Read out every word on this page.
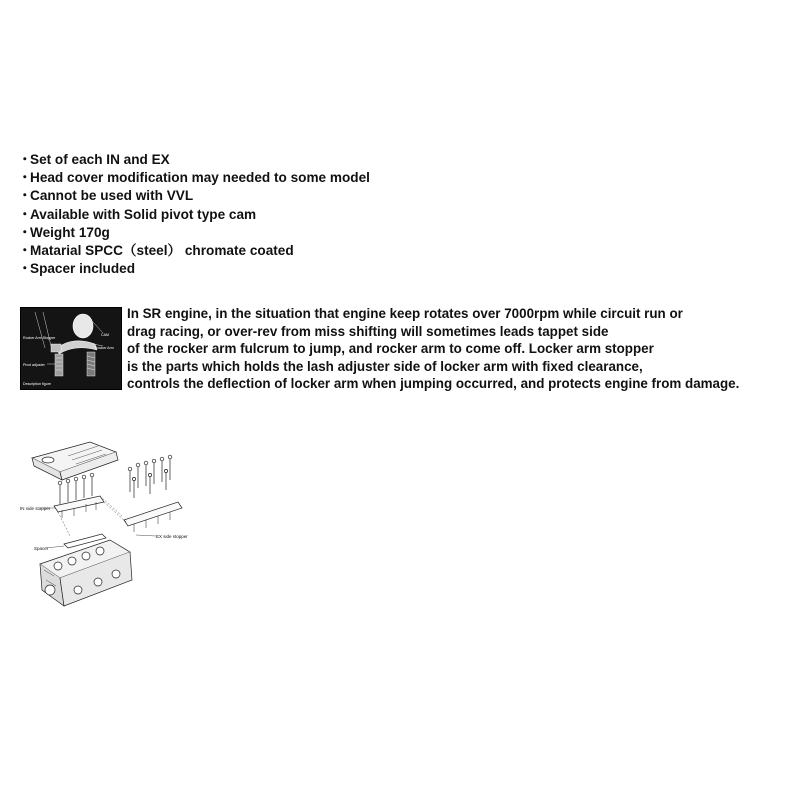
・Set of each IN and EX
・Head cover modification may needed to some model
・Cannot be used with VVL
・Available with Solid pivot type cam
・Weight 170g
・Matarial SPCC（steel） chromate coated
・Spacer included
Rocker Arm Stopper
CAM
Rocker Arm
Pivot adjuster
Description figure
In SR engine, in the situation that engine keep rotates over 7000rpm while circuit run or
drag racing, or over-rev from miss shifting will sometimes leads tappet side
of the rocker arm fulcrum to jump, and rocker arm to come off. Locker arm stopper
is the parts which holds the lash adjuster side of locker arm with fixed clearance,
controls the deflection of locker arm when jumping occurred, and protects engine from damage.
IN side stopper
EX side stopper
Spacer
